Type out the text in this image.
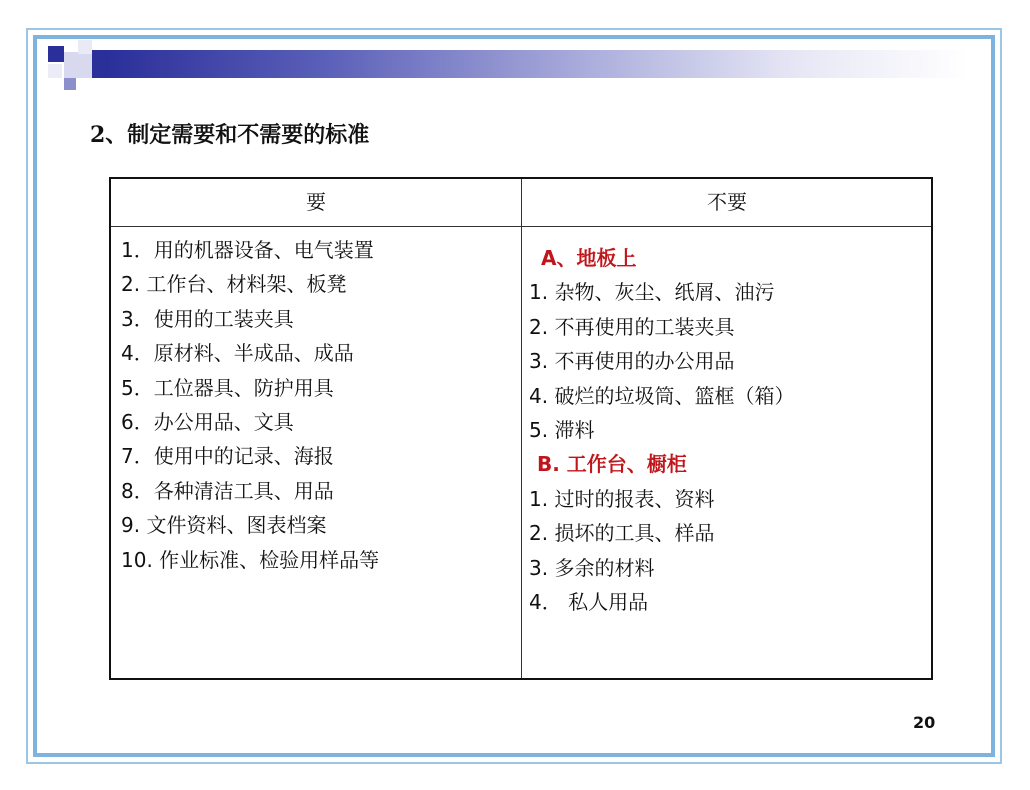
2、制定需要和不需要的标准
要	不要
1．用的机器设备、电气装置
2. 工作台、材料架、板凳
3．使用的工装夹具
4．原材料、半成品、成品
5．工位器具、防护用具
6．办公用品、文具
7．使用中的记录、海报
8．各种清洁工具、用品
9. 文件资料、图表档案
10. 作业标准、检验用样品等
A、地板上
1. 杂物、灰尘、纸屑、油污
2. 不再使用的工装夹具
3. 不再使用的办公用品
4. 破烂的垃圾筒、篮框（箱）
5. 滞料
B. 工作台、橱柜
1. 过时的报表、资料
2. 损坏的工具、样品
3. 多余的材料
4． 私人用品
20
